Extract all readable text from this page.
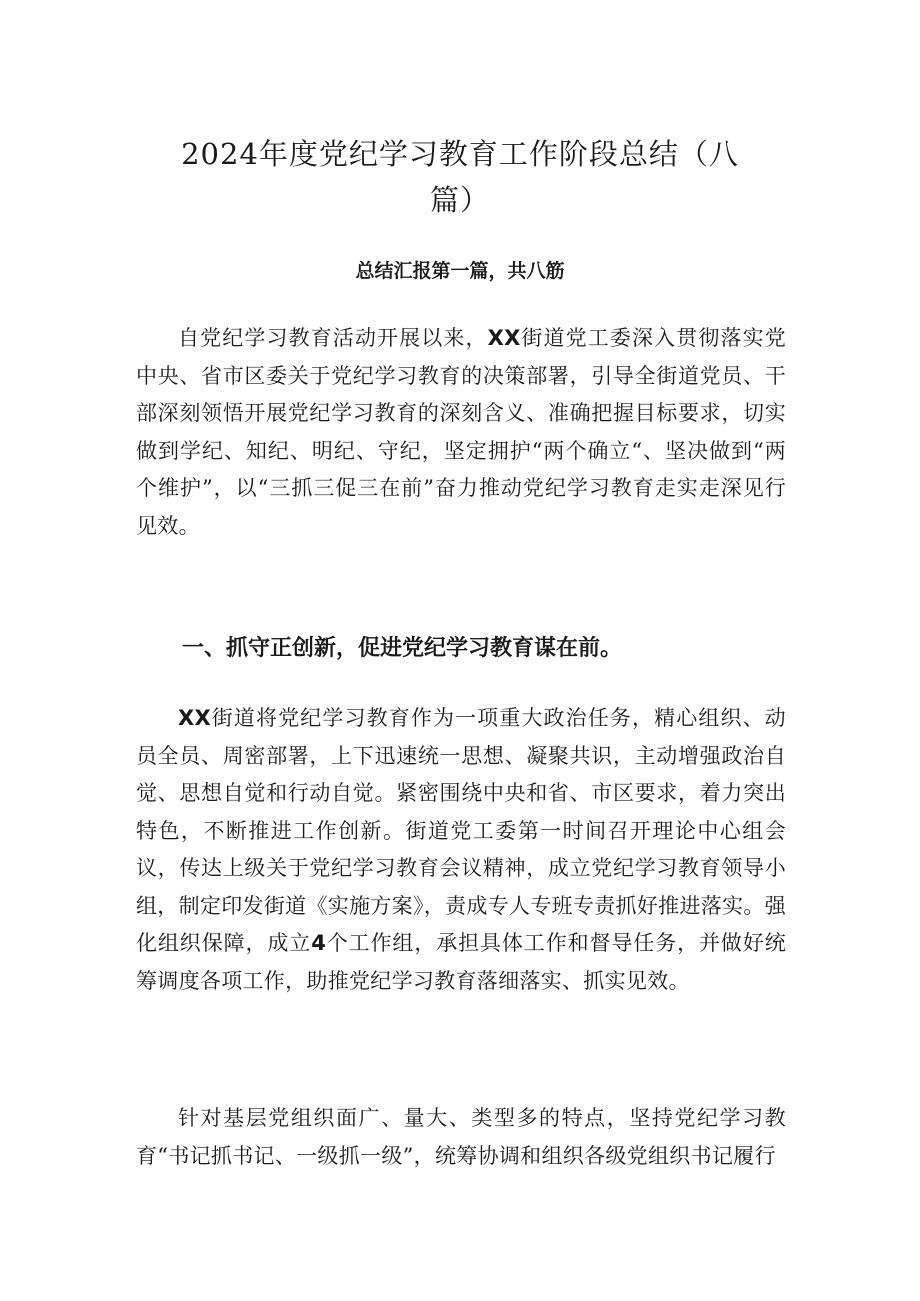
2024年度党纪学习教育工作阶段总结（八
篇）
总结汇报第一篇，共八筋

自党纪学习教育活动开展以来，XX街道党工委深入贯彻落实党中央、省市区委关于党纪学习教育的决策部署，引导全街道党员、干部深刻领悟开展党纪学习教育的深刻含义、准确把握目标要求，切实做到学纪、知纪、明纪、守纪，坚定拥护“两个确立“、坚决做到“两个维护”，以“三抓三促三在前”奋力推动党纪学习教育走实走深见行见效。

一、抓守正创新，促进党纪学习教育谋在前。

XX街道将党纪学习教育作为一项重大政治任务，精心组织、动员全员、周密部署，上下迅速统一思想、凝聚共识，主动增强政治自觉、思想自觉和行动自觉。紧密围绕中央和省、市区要求，着力突出特色，不断推进工作创新。街道党工委第一时间召开理论中心组会议，传达上级关于党纪学习教育会议精神，成立党纪学习教育领导小组，制定印发街道《实施方案》，责成专人专班专责抓好推进落实。强化组织保障，成立4个工作组，承担具体工作和督导任务，并做好统筹调度各项工作，助推党纪学习教育落细落实、抓实见效。

针对基层党组织面广、量大、类型多的特点，坚持党纪学习教育“书记抓书记、一级抓一级”，统筹协调和组织各级党组织书记履行
